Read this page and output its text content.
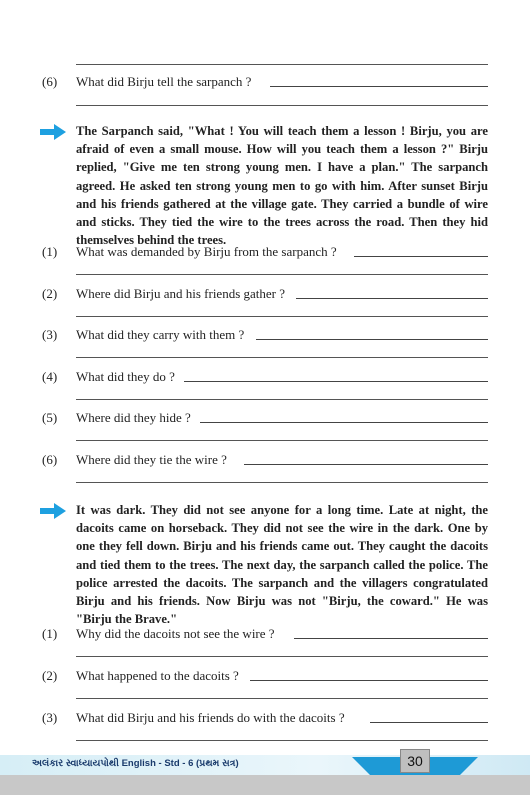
(6) What did Birju tell the sarpanch ?
The Sarpanch said, "What ! You will teach them a lesson ! Birju, you are afraid of even a small mouse. How will you teach them a lesson ?" Birju replied, "Give me ten strong young men. I have a plan." The sarpanch agreed. He asked ten strong young men to go with him. After sunset Birju and his friends gathered at the village gate. They carried a bundle of wire and sticks. They tied the wire to the trees across the road. Then they hid themselves behind the trees.
(1) What was demanded by Birju from the sarpanch ?
(2) Where did Birju and his friends gather ?
(3) What did they carry with them ?
(4) What did they do ?
(5) Where did they hide ?
(6) Where did they tie the wire ?
It was dark. They did not see anyone for a long time. Late at night, the dacoits came on horseback. They did not see the wire in the dark. One by one they fell down. Birju and his friends came out. They caught the dacoits and tied them to the trees. The next day, the sarpanch called the police. The police arrested the dacoits. The sarpanch and the villagers congratulated Birju and his friends. Now Birju was not "Birju, the coward." He was "Birju the Brave."
(1) Why did the dacoits not see the wire ?
(2) What happened to the dacoits ?
(3) What did Birju and his friends do with the dacoits ?
અલંકાર સ્વાધ્યાયપોથી English - Std - 6 (પ્રથમ સત્ર)	30
